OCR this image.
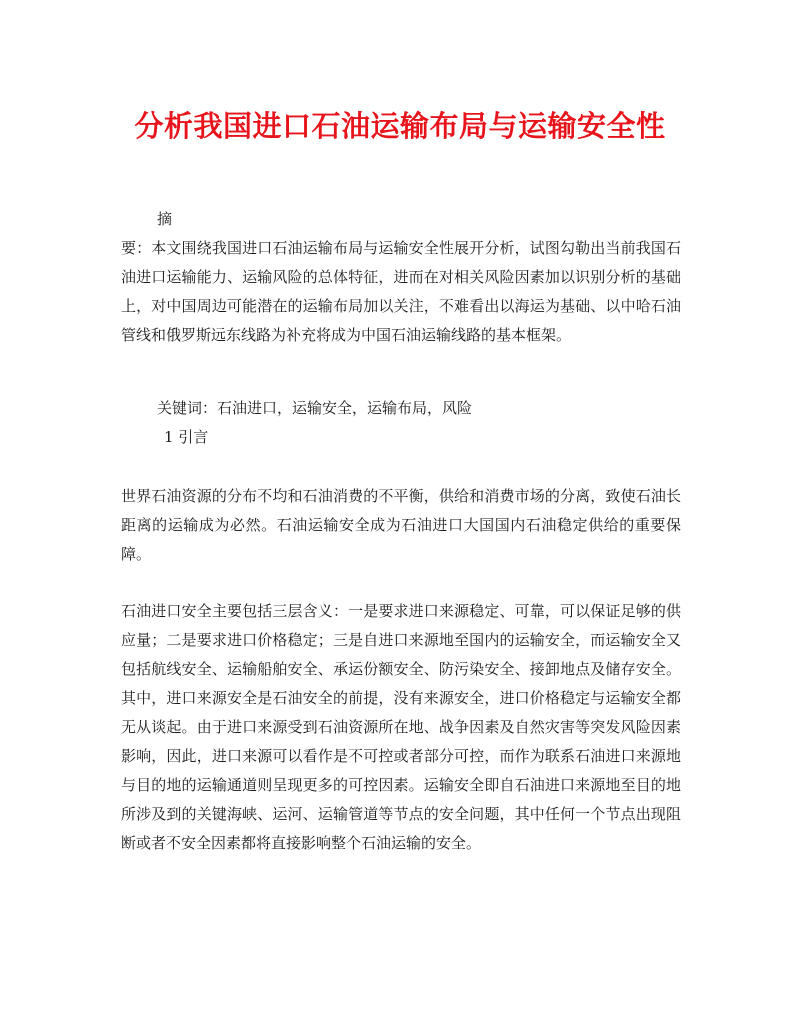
分析我国进口石油运输布局与运输安全性

摘

要：本文围绕我国进口石油运输布局与运输安全性展开分析，试图勾勒出当前我国石油进口运输能力、运输风险的总体特征，进而在对相关风险因素加以识别分析的基础上，对中国周边可能潜在的运输布局加以关注，不难看出以海运为基础、以中哈石油管线和俄罗斯远东线路为补充将成为中国石油运输线路的基本框架。

关键词：石油进口，运输安全，运输布局，风险

1 引言

世界石油资源的分布不均和石油消费的不平衡，供给和消费市场的分离，致使石油长距离的运输成为必然。石油运输安全成为石油进口大国国内石油稳定供给的重要保障。

石油进口安全主要包括三层含义：一是要求进口来源稳定、可靠，可以保证足够的供应量；二是要求进口价格稳定；三是自进口来源地至国内的运输安全，而运输安全又包括航线安全、运输船舶安全、承运份额安全、防污染安全、接卸地点及储存安全。其中，进口来源安全是石油安全的前提，没有来源安全，进口价格稳定与运输安全都无从谈起。由于进口来源受到石油资源所在地、战争因素及自然灾害等突发风险因素影响，因此，进口来源可以看作是不可控或者部分可控，而作为联系石油进口来源地与目的地的运输通道则呈现更多的可控因素。运输安全即自石油进口来源地至目的地所涉及到的关键海峡、运河、运输管道等节点的安全问题，其中任何一个节点出现阻断或者不安全因素都将直接影响整个石油运输的安全。
